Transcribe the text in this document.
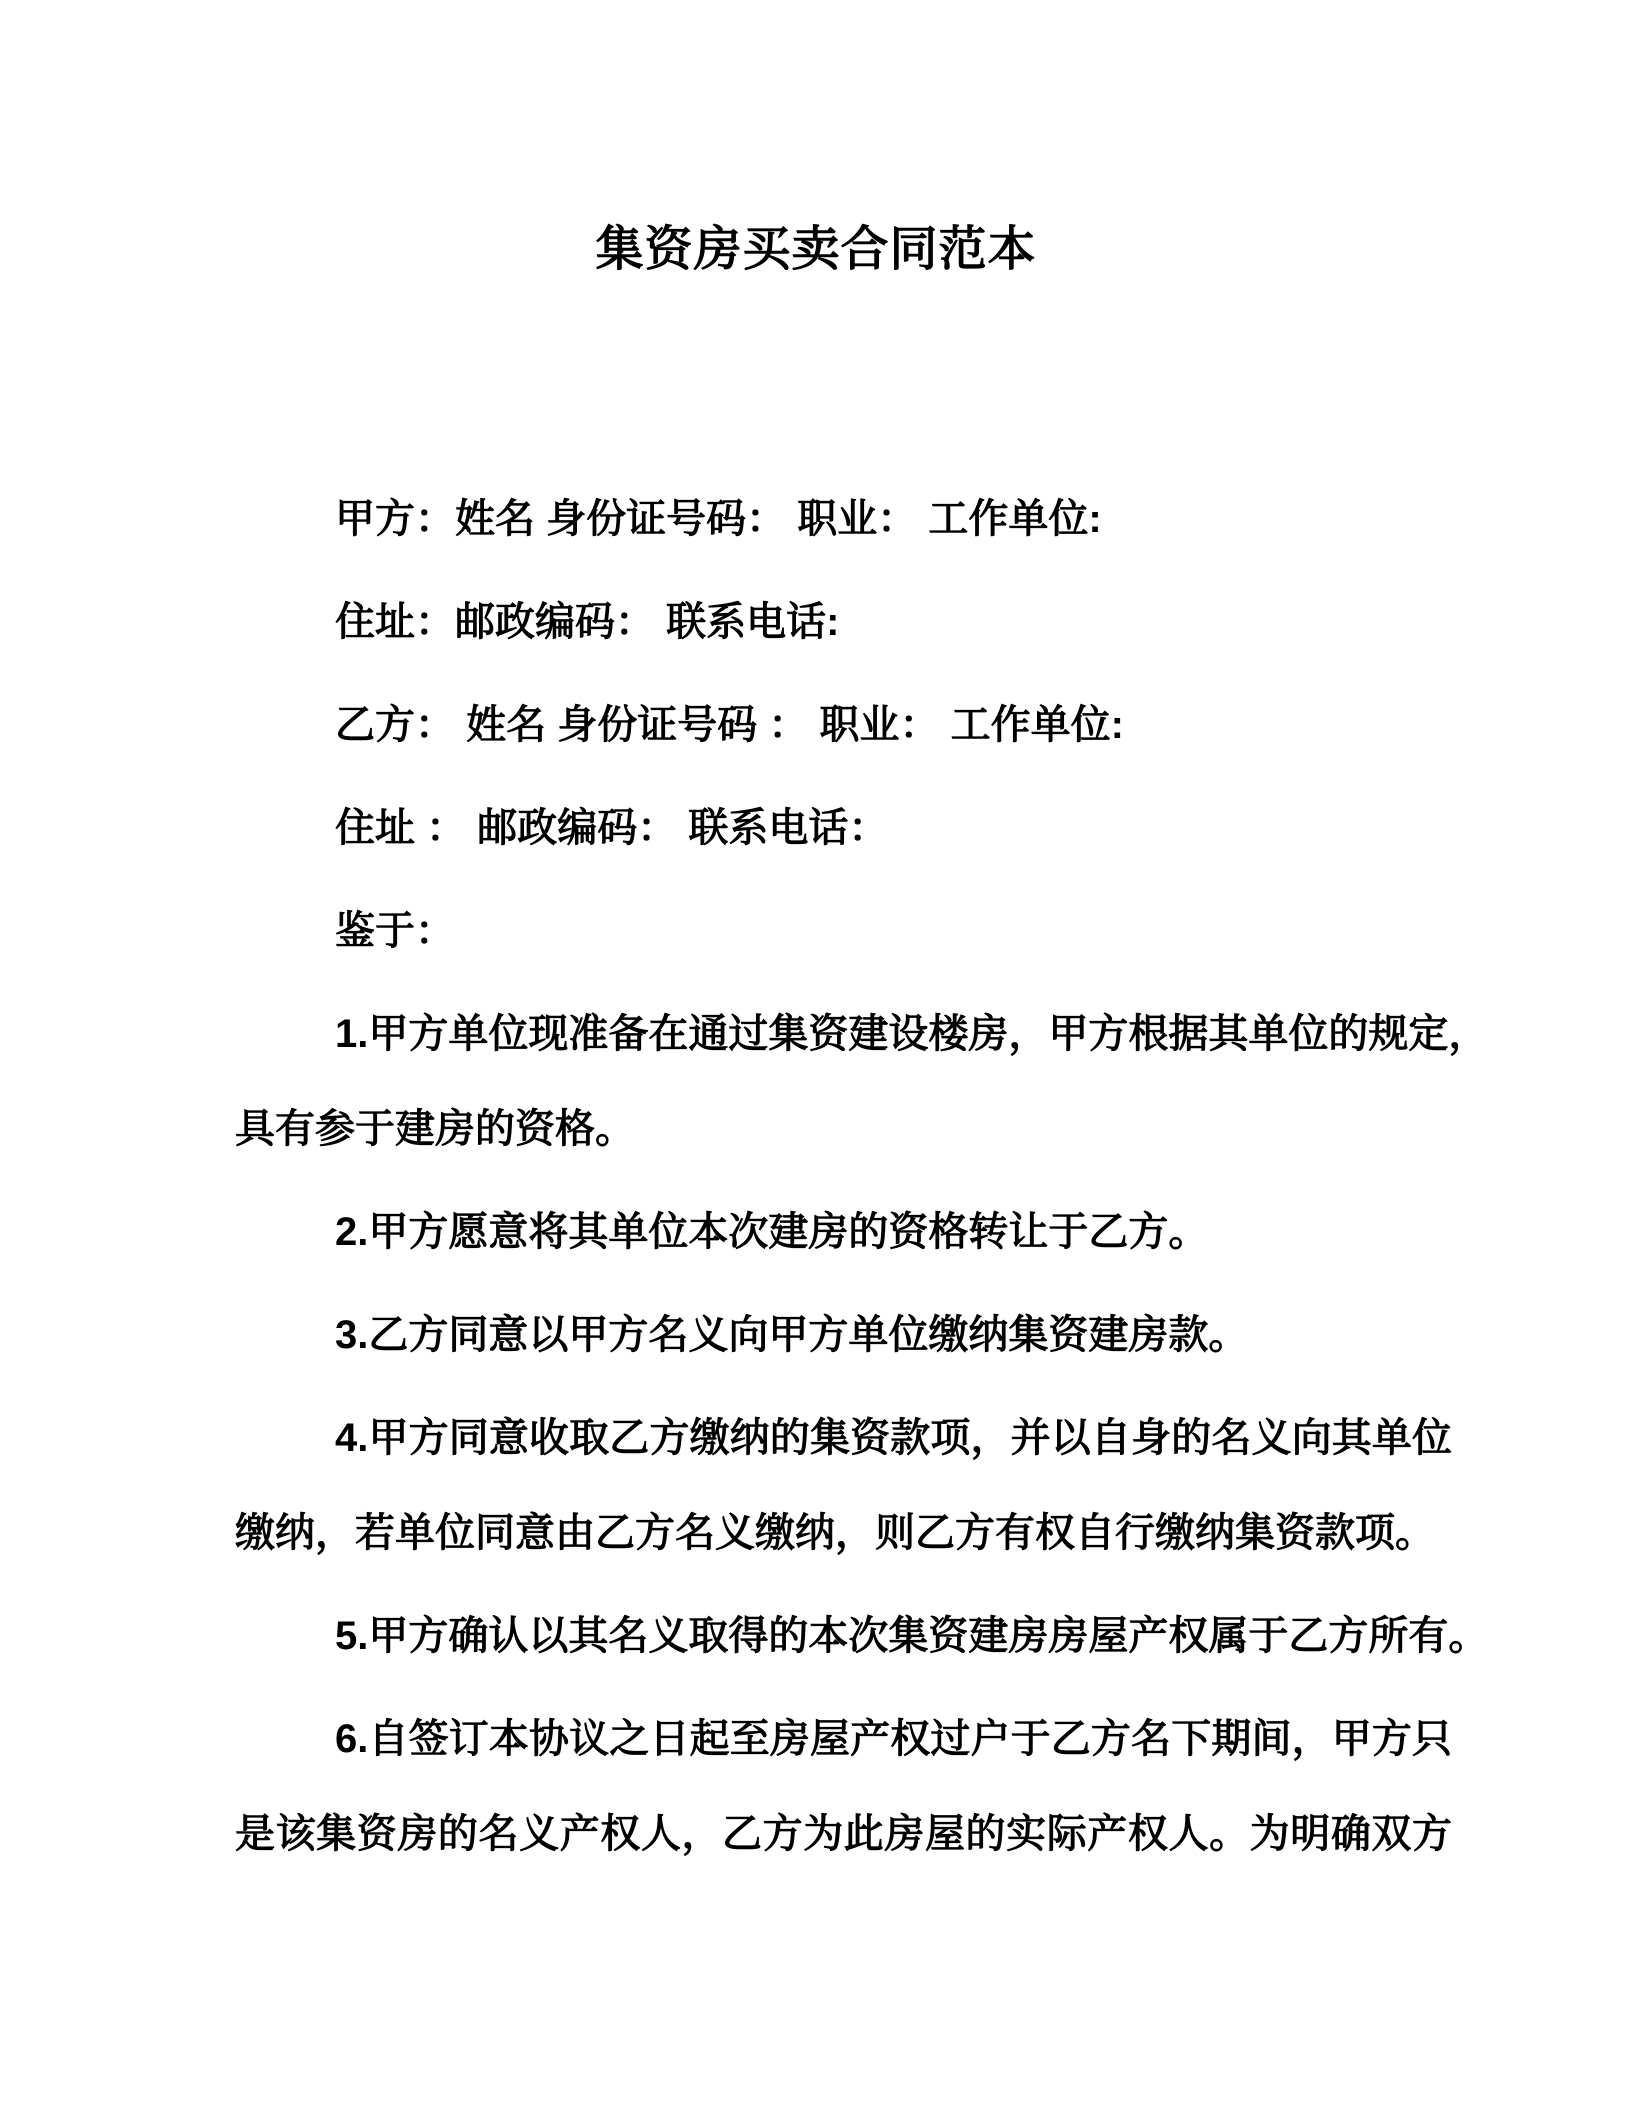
集资房买卖合同范本

甲方：姓名 身份证号码： 职业： 工作单位:

住址：邮政编码： 联系电话:

乙方： 姓名 身份证号码 ： 职业： 工作单位:

住址 ： 邮政编码： 联系电话：

鉴于：

1.甲方单位现准备在通过集资建设楼房，甲方根据其单位的规定，
具有参于建房的资格。

2.甲方愿意将其单位本次建房的资格转让于乙方。

3.乙方同意以甲方名义向甲方单位缴纳集资建房款。

4.甲方同意收取乙方缴纳的集资款项，并以自身的名义向其单位
缴纳，若单位同意由乙方名义缴纳，则乙方有权自行缴纳集资款项。

5.甲方确认以其名义取得的本次集资建房房屋产权属于乙方所有。

6.自签订本协议之日起至房屋产权过户于乙方名下期间，甲方只
是该集资房的名义产权人，乙方为此房屋的实际产权人。为明确双方
